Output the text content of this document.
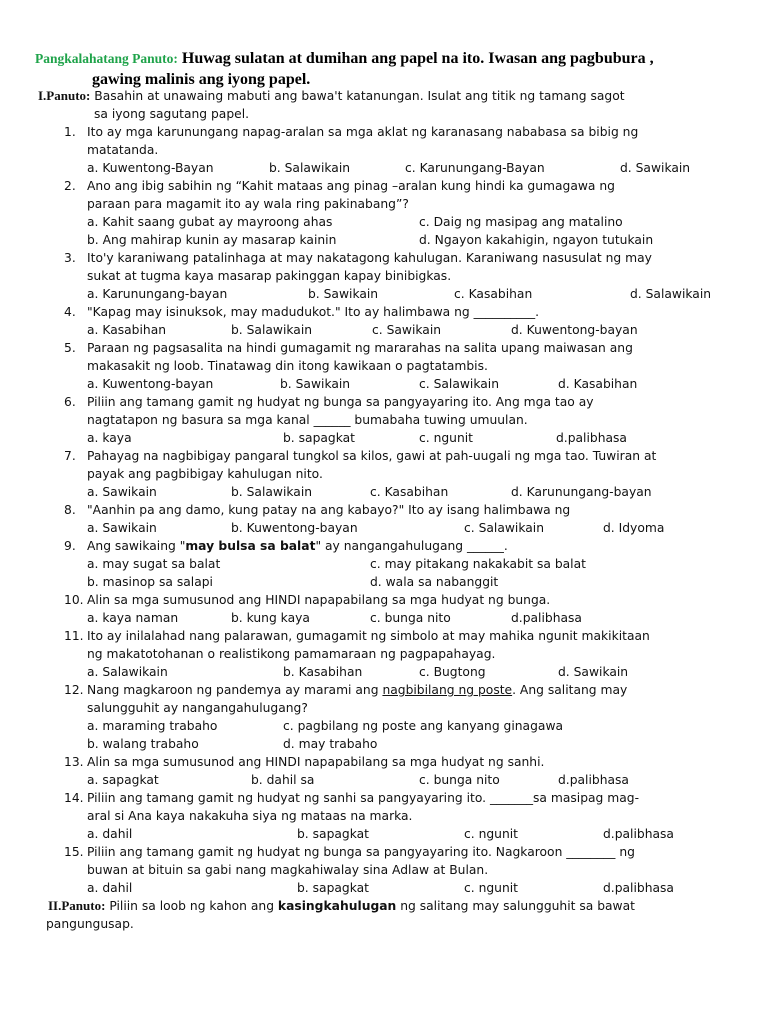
Pangkalahatang Panuto: Huwag sulatan at dumihan ang papel na ito. Iwasan ang pagbubura ,
gawing malinis ang iyong papel.
I.Panuto: Basahin at unawaing mabuti ang bawa't katanungan. Isulat ang titik ng tamang sagot
sa iyong sagutang papel.
1. Ito ay mga karunungang napag-aralan sa mga aklat ng karanasang nababasa sa bibig ng
matatanda.
a. Kuwentong-Bayan	b. Salawikain	c. Karunungang-Bayan	d. Sawikain
2. Ano ang ibig sabihin ng “Kahit mataas ang pinag –aralan kung hindi ka gumagawa ng
paraan para magamit ito ay wala ring pakinabang”?
a. Kahit saang gubat ay mayroong ahas	c. Daig ng masipag ang matalino
b. Ang mahirap kunin ay masarap kainin	d. Ngayon kakahigin, ngayon tutukain
3. Ito'y karaniwang patalinhaga at may nakatagong kahulugan. Karaniwang nasusulat ng may
sukat at tugma kaya masarap pakinggan kapay binibigkas.
a. Karunungang-bayan	b. Sawikain	c. Kasabihan	d. Salawikain
4. "Kapag may isinuksok, may madudukot." Ito ay halimbawa ng __________.
a. Kasabihan	b. Salawikain	c. Sawikain	d. Kuwentong-bayan
5. Paraan ng pagsasalita na hindi gumagamit ng mararahas na salita upang maiwasan ang
makasakit ng loob. Tinatawag din itong kawikaan o pagtatambis.
a. Kuwentong-bayan	b. Sawikain	c. Salawikain	d. Kasabihan
6. Piliin ang tamang gamit ng hudyat ng bunga sa pangyayaring ito. Ang mga tao ay
nagtatapon ng basura sa mga kanal ______ bumabaha tuwing umuulan.
a. kaya	b. sapagkat	c. ngunit	d.palibhasa
7. Pahayag na nagbibigay pangaral tungkol sa kilos, gawi at pah-uugali ng mga tao. Tuwiran at
payak ang pagbibigay kahulugan nito.
a. Sawikain	b. Salawikain	c. Kasabihan	d. Karunungang-bayan
8. "Aanhin pa ang damo, kung patay na ang kabayo?" Ito ay isang halimbawa ng
a. Sawikain	b. Kuwentong-bayan	c. Salawikain	d. Idyoma
9. Ang sawikaing "may bulsa sa balat" ay nangangahulugang ______.
a. may sugat sa balat	c. may pitakang nakakabit sa balat
b. masinop sa salapi	d. wala sa nabanggit
10. Alin sa mga sumusunod ang HINDI napapabilang sa mga hudyat ng bunga.
a. kaya naman	b. kung kaya	c. bunga nito	d.palibhasa
11. Ito ay inilalahad nang palarawan, gumagamit ng simbolo at may mahika ngunit makikitaan
ng makatotohanan o realistikong pamamaraan ng pagpapahayag.
a. Salawikain	b. Kasabihan	c. Bugtong	d. Sawikain
12. Nang magkaroon ng pandemya ay marami ang nagbibilang ng poste. Ang salitang may
salungguhit ay nangangahulugang?
a. maraming trabaho	c. pagbilang ng poste ang kanyang ginagawa
b. walang trabaho	d. may trabaho
13. Alin sa mga sumusunod ang HINDI napapabilang sa mga hudyat ng sanhi.
a. sapagkat	b. dahil sa	c. bunga nito	d.palibhasa
14. Piliin ang tamang gamit ng hudyat ng sanhi sa pangyayaring ito. _______sa masipag mag-
aral si Ana kaya nakakuha siya ng mataas na marka.
a. dahil	b. sapagkat	c. ngunit	d.palibhasa
15. Piliin ang tamang gamit ng hudyat ng bunga sa pangyayaring ito. Nagkaroon ________ ng
buwan at bituin sa gabi nang magkahiwalay sina Adlaw at Bulan.
a. dahil	b. sapagkat	c. ngunit	d.palibhasa
II.Panuto: Piliin sa loob ng kahon ang kasingkahulugan ng salitang may salungguhit sa bawat
pangungusap.
